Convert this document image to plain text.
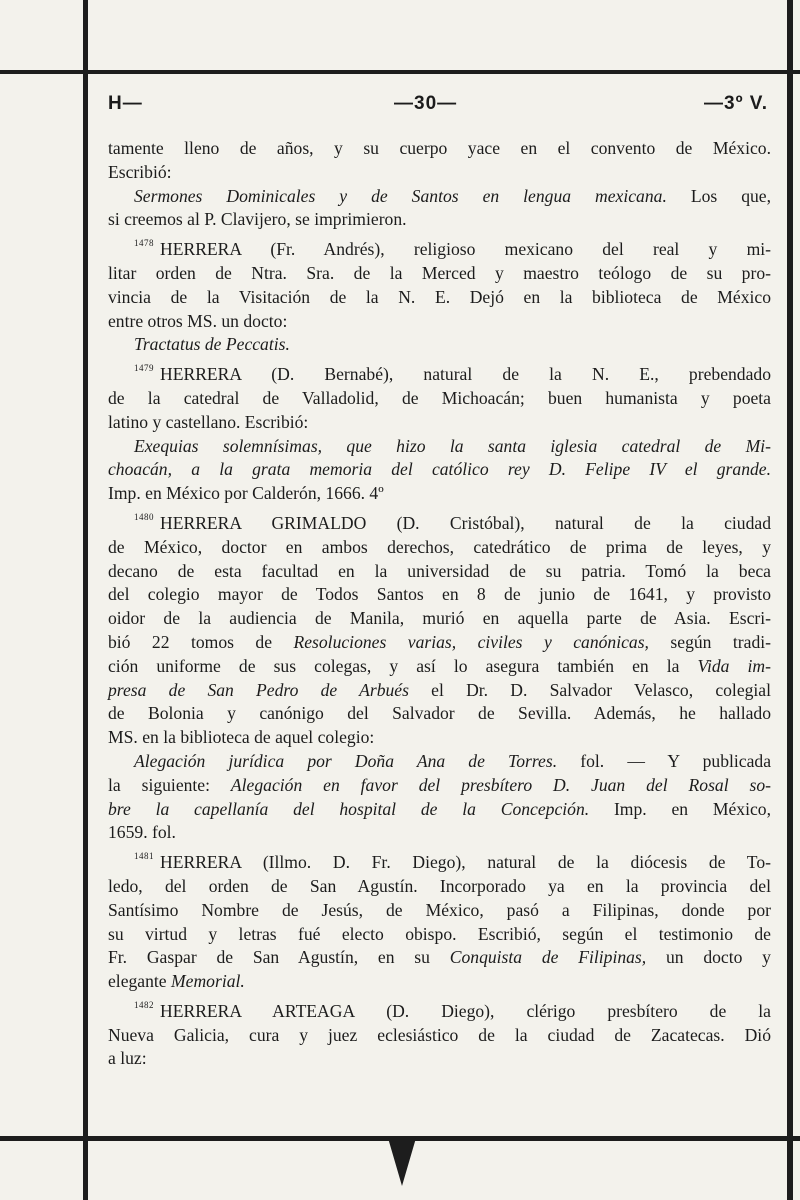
H—	—30—	—3º V.
tamente lleno de años, y su cuerpo yace en el convento de México.
Escribió:
Sermones Dominicales y de Santos en lengua mexicana. Los que,
si creemos al P. Clavijero, se imprimieron.
$^{1478}$ HERRERA (Fr. Andrés), religioso mexicano del real y mi-
litar orden de Ntra. Sra. de la Merced y maestro teólogo de su pro-
vincia de la Visitación de la N. E. Dejó en la biblioteca de México
entre otros MS. un docto:
Tractatus de Peccatis.
$^{1479}$ HERRERA (D. Bernabé), natural de la N. E., prebendado
de la catedral de Valladolid, de Michoacán; buen humanista y poeta
latino y castellano. Escribió:
Exequias solemnísimas, que hizo la santa iglesia catedral de Mi-
choacán, a la grata memoria del católico rey D. Felipe IV el grande.
Imp. en México por Calderón, 1666. 4º
$^{1480}$ HERRERA GRIMALDO (D. Cristóbal), natural de la ciudad
de México, doctor en ambos derechos, catedrático de prima de leyes, y
decano de esta facultad en la universidad de su patria. Tomó la beca
del colegio mayor de Todos Santos en 8 de junio de 1641, y provisto
oidor de la audiencia de Manila, murió en aquella parte de Asia. Escri-
bió 22 tomos de Resoluciones varias, civiles y canónicas, según tradi-
ción uniforme de sus colegas, y así lo asegura también en la Vida im-
presa de San Pedro de Arbués el Dr. D. Salvador Velasco, colegial
de Bolonia y canónigo del Salvador de Sevilla. Además, he hallado
MS. en la biblioteca de aquel colegio:
Alegación jurídica por Doña Ana de Torres. fol. — Y publicada
la siguiente: Alegación en favor del presbítero D. Juan del Rosal so-
bre la capellanía del hospital de la Concepción. Imp. en México,
1659. fol.
$^{1481}$ HERRERA (Illmo. D. Fr. Diego), natural de la diócesis de To-
ledo, del orden de San Agustín. Incorporado ya en la provincia del
Santísimo Nombre de Jesús, de México, pasó a Filipinas, donde por
su virtud y letras fué electo obispo. Escribió, según el testimonio de
Fr. Gaspar de San Agustín, en su Conquista de Filipinas, un docto y
elegante Memorial.
$^{1482}$ HERRERA ARTEAGA (D. Diego), clérigo presbítero de la
Nueva Galicia, cura y juez eclesiástico de la ciudad de Zacatecas. Dió
a luz:
